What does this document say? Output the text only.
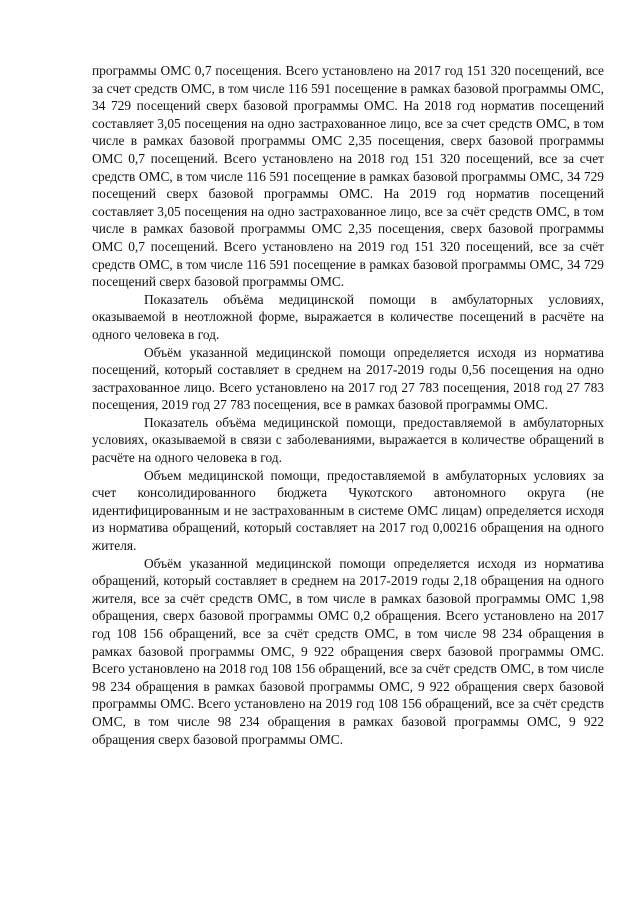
программы ОМС 0,7 посещения. Всего установлено на 2017 год 151 320 посещений, все за счет средств ОМС, в том числе 116 591 посещение в рамках базовой программы ОМС, 34 729 посещений сверх базовой программы ОМС. На 2018 год норматив посещений составляет 3,05 посещения на одно застрахованное лицо, все за счет средств ОМС, в том числе в рамках базовой программы ОМС 2,35 посещения, сверх базовой программы ОМС 0,7 посещений. Всего установлено на 2018 год 151 320 посещений, все за счет средств ОМС, в том числе 116 591 посещение в рамках базовой программы ОМС, 34 729 посещений сверх базовой программы ОМС. На 2019 год норматив посещений составляет 3,05 посещения на одно застрахованное лицо, все за счёт средств ОМС, в том числе в рамках базовой программы ОМС 2,35 посещения, сверх базовой программы ОМС 0,7 посещений. Всего установлено на 2019 год 151 320 посещений, все за счёт средств ОМС, в том числе 116 591 посещение в рамках базовой программы ОМС, 34 729 посещений сверх базовой программы ОМС.

Показатель объёма медицинской помощи в амбулаторных условиях, оказываемой в неотложной форме, выражается в количестве посещений в расчёте на одного человека в год.

Объём указанной медицинской помощи определяется исходя из норматива посещений, который составляет в среднем на 2017-2019 годы 0,56 посещения на одно застрахованное лицо. Всего установлено на 2017 год 27 783 посещения, 2018 год 27 783 посещения, 2019 год 27 783 посещения, все в рамках базовой программы ОМС.

Показатель объёма медицинской помощи, предоставляемой в амбулаторных условиях, оказываемой в связи с заболеваниями, выражается в количестве обращений в расчёте на одного человека в год.

Объем медицинской помощи, предоставляемой в амбулаторных условиях за счет консолидированного бюджета Чукотского автономного округа (не идентифицированным и не застрахованным в системе ОМС лицам) определяется исходя из норматива обращений, который составляет на 2017 год 0,00216 обращения на одного жителя.

Объём указанной медицинской помощи определяется исходя из норматива обращений, который составляет в среднем на 2017-2019 годы 2,18 обращения на одного жителя, все за счёт средств ОМС, в том числе в рамках базовой программы ОМС 1,98 обращения, сверх базовой программы ОМС 0,2 обращения. Всего установлено на 2017 год 108 156 обращений, все за счёт средств ОМС, в том числе 98 234 обращения в рамках базовой программы ОМС, 9 922 обращения сверх базовой программы ОМС. Всего установлено на 2018 год 108 156 обращений, все за счёт средств ОМС, в том числе 98 234 обращения в рамках базовой программы ОМС, 9 922 обращения сверх базовой программы ОМС. Всего установлено на 2019 год 108 156 обращений, все за счёт средств ОМС, в том числе 98 234 обращения в рамках базовой программы ОМС, 9 922 обращения сверх базовой программы ОМС.
